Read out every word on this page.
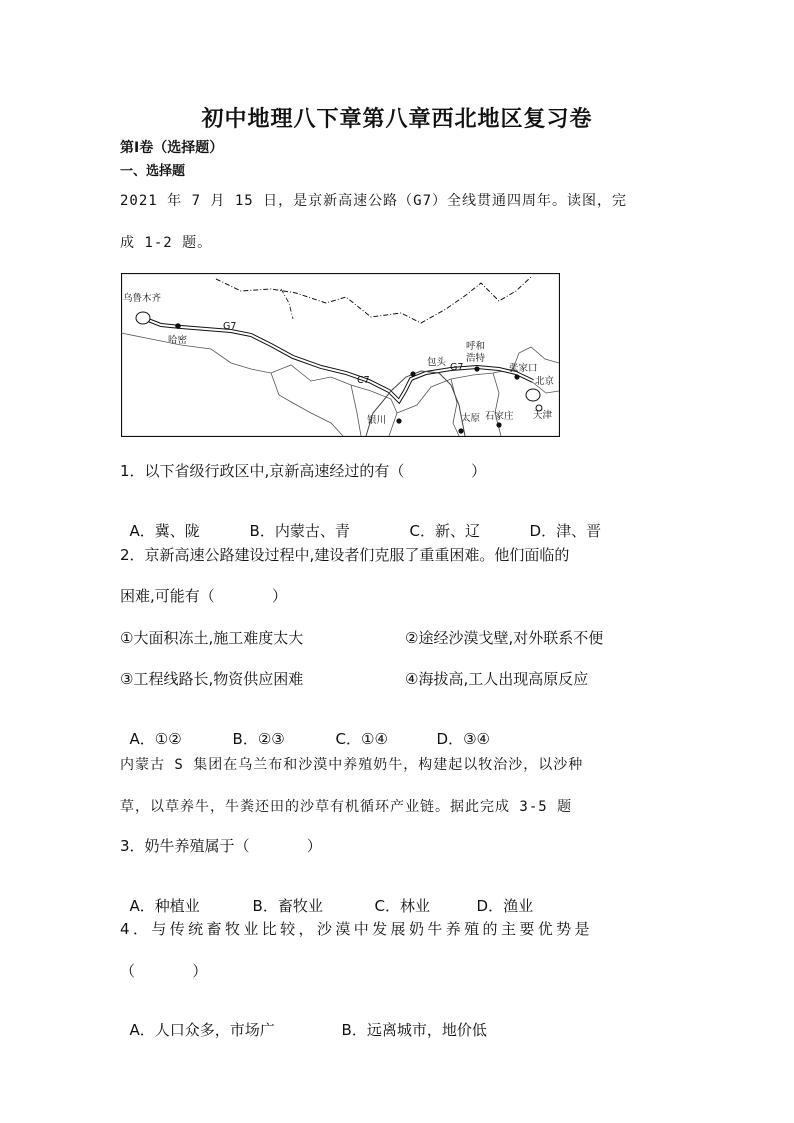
初中地理八下章第八章西北地区复习卷
第Ⅰ卷（选择题）
一、选择题
2021 年 7 月 15 日，是京新高速公路（G7）全线贯通四周年。读图，完
成 1-2 题。
乌鲁木齐
哈密
G7
C7
G7
呼和
浩特
包头
张家口
北京
银川	太原 石家庄 天津
1．以下省级行政区中,京新高速经过的有（              ）

A．冀、陇	B．内蒙古、青	C．新、辽	D．津、晋

2．京新高速公路建设过程中,建设者们克服了重重困难。他们面临的
困难,可能有（            ）
①大面积冻土,施工难度太大	②途经沙漠戈壁,对外联系不便
③工程线路长,物资供应困难	④海拔高,工人出现高原反应

A．①②	B．②③	C．①④	D．③④

内蒙古 S 集团在乌兰布和沙漠中养殖奶牛，构建起以牧治沙，以沙种
草，以草养牛，牛粪还田的沙草有机循环产业链。据此完成 3-5 题
3．奶牛养殖属于（            ）

A．种植业	B．畜牧业	C．林业	D．渔业

4．与传统畜牧业比较，沙漠中发展奶牛养殖的主要优势是
（            ）

A．人口众多，市场广	B．远离城市，地价低
